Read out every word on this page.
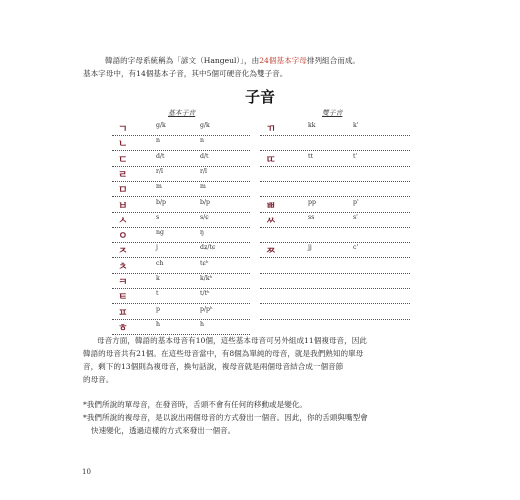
韓語的字母系統稱為「諺文（Hangeul）」，由24個基本字母排列組合而成。
基本字母中，有14個基本子音，其中5個可硬音化為雙子音。
子音
基本子音	雙子音
ㄱ	g/k	g/k
ㄴ	n	n
ㄷ	d/t	d/t
ㄹ	r/l	r/l
ㅁ	m	m
ㅂ	b/p	b/p
ㅅ	s	s/ɕ
ㅇ	ng	ŋ
ㅈ	j	dʑ/tɕ
ㅊ	ch	tɕʰ
ㅋ	k	k/kʰ
ㅌ	t	t/tʰ
ㅍ	p	p/pʰ
ㅎ	h	h
ㄲ	kk	k'
ㄸ	tt	t'
ㅃ	pp	p'
ㅆ	ss	s'
ㅉ	jj	c'
母音方面，韓語的基本母音有10個，這些基本母音可另外組成11個複母音，因此
韓語的母音共有21個。在這些母音當中，有8個為單純的母音，就是我們熟知的單母
音，剩下的13個則為複母音，換句話說，複母音就是兩個母音結合成一個音節
的母音。
*我們所說的單母音，在發音時，舌頭不會有任何的移動或是變化。
*我們所說的複母音，是以說出兩個母音的方式發出一個音。因此，你的舌頭與嘴型會
快速變化，透過這樣的方式來發出一個音。
10
